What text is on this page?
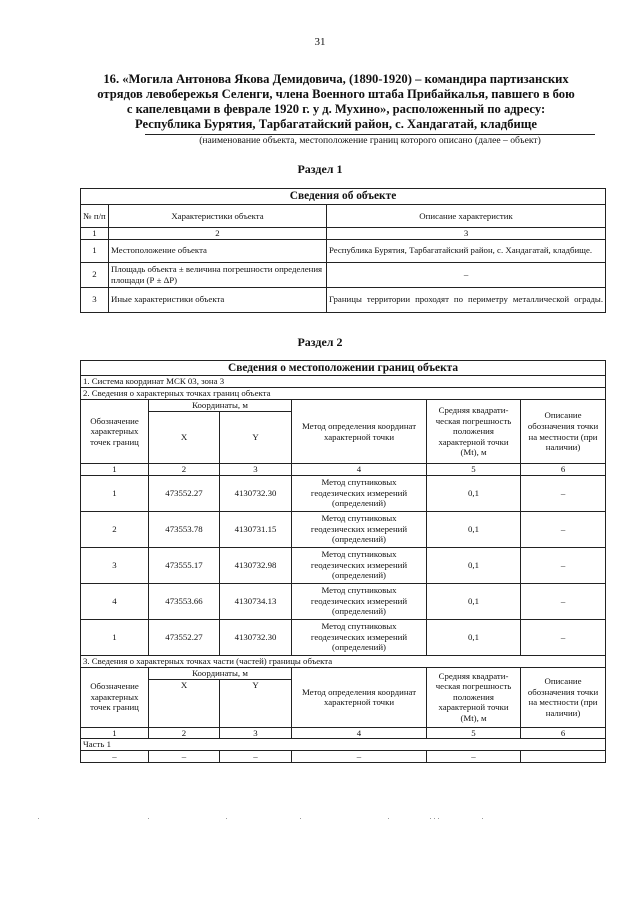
31
16. «Могила Антонова Якова Демидовича, (1890-1920) – командира партизанских отрядов левобережья Селенги, члена Военного штаба Прибайкалья, павшего в бою с капелевцами в феврале 1920 г. у д. Мухино», расположенный по адресу: Республика Бурятия, Тарбагатайский район, с. Хандагатай, кладбище
(наименование объекта, местоположение границ которого описано (далее – объект)
Раздел 1
Сведения об объекте		
№ п/п	Характеристики объекта	Описание характеристик
1	2	3
1	Местоположение объекта	Республика Бурятия, Тарбагатайский район, с. Хандагатай, кладбище.
2	Площадь объекта ± величина погрешности определения площади (Р ± ΔР)	–
3	Иные характеристики объекта	Границы территории проходят по периметру металлической ограды.
Раздел 2
Сведения о местоположении границ объекта					
1. Система координат МСК 03, зона 3					
2. Сведения о характерных точках границ объекта					
Обозначение характерных точек границ	Координаты, м		Метод определения координат характерной точки	Средняя квадрати-ческая погрешность положения характерной точки (Mt), м	Описание обозначения точки на местности (при наличии)
	X	Y			
1	2	3	4	5	6
1	473552.27	4130732.30	Метод спутниковых геодезических измерений (определений)	0,1	–
2	473553.78	4130731.15	Метод спутниковых геодезических измерений (определений)	0,1	–
3	473555.17	4130732.98	Метод спутниковых геодезических измерений (определений)	0,1	–
4	473553.66	4130734.13	Метод спутниковых геодезических измерений (определений)	0,1	–
1	473552.27	4130732.30	Метод спутниковых геодезических измерений (определений)	0,1	–
3. Сведения о характерных точках части (частей) границы объекта					
Обозначение характерных точек границ	Координаты, м		Метод определения координат характерной точки	Средняя квадрати-ческая погрешность положения характерной точки (Mt), м	Описание обозначения точки на местности (при наличии)
	X	Y			
1	2	3	4	5	6
Часть 1					
–	–	–	–	–	
